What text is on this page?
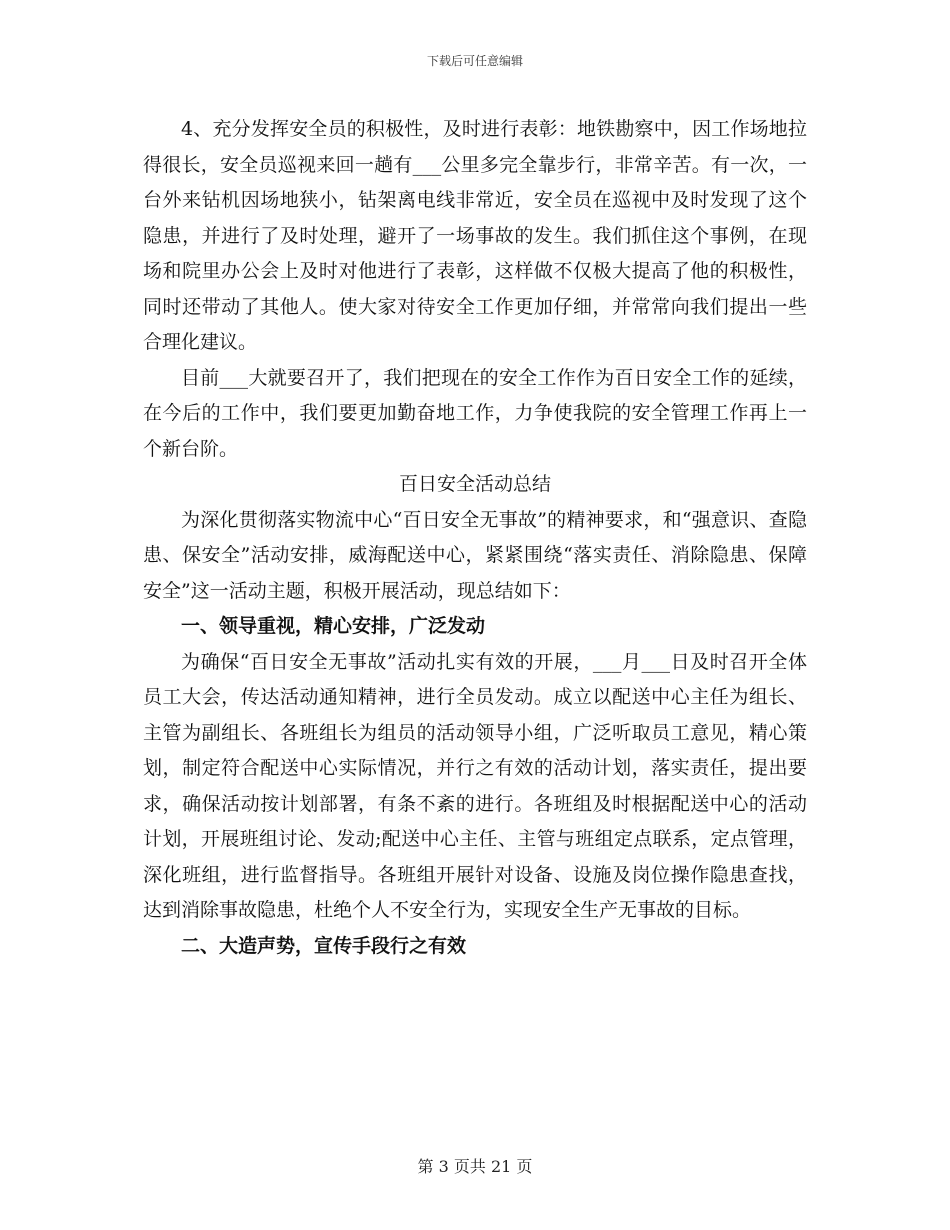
下载后可任意编辑

4、充分发挥安全员的积极性，及时进行表彰：地铁勘察中，因工作场地拉得很长，安全员巡视来回一趟有___公里多完全靠步行，非常辛苦。有一次，一台外来钻机因场地狭小，钻架离电线非常近，安全员在巡视中及时发现了这个隐患，并进行了及时处理，避开了一场事故的发生。我们抓住这个事例，在现场和院里办公会上及时对他进行了表彰，这样做不仅极大提高了他的积极性，同时还带动了其他人。使大家对待安全工作更加仔细，并常常向我们提出一些合理化建议。

目前___大就要召开了，我们把现在的安全工作作为百日安全工作的延续，在今后的工作中，我们要更加勤奋地工作，力争使我院的安全管理工作再上一个新台阶。

百日安全活动总结

为深化贯彻落实物流中心“百日安全无事故”的精神要求，和“强意识、查隐患、保安全”活动安排，威海配送中心，紧紧围绕“落实责任、消除隐患、保障安全”这一活动主题，积极开展活动，现总结如下：

一、领导重视，精心安排，广泛发动

为确保“百日安全无事故”活动扎实有效的开展，___月___日及时召开全体员工大会，传达活动通知精神，进行全员发动。成立以配送中心主任为组长、主管为副组长、各班组长为组员的活动领导小组，广泛听取员工意见，精心策划，制定符合配送中心实际情况，并行之有效的活动计划，落实责任，提出要求，确保活动按计划部署，有条不紊的进行。各班组及时根据配送中心的活动计划，开展班组讨论、发动;配送中心主任、主管与班组定点联系，定点管理，深化班组，进行监督指导。各班组开展针对设备、设施及岗位操作隐患查找，达到消除事故隐患，杜绝个人不安全行为，实现安全生产无事故的目标。

二、大造声势，宣传手段行之有效

第 3 页共 21 页
